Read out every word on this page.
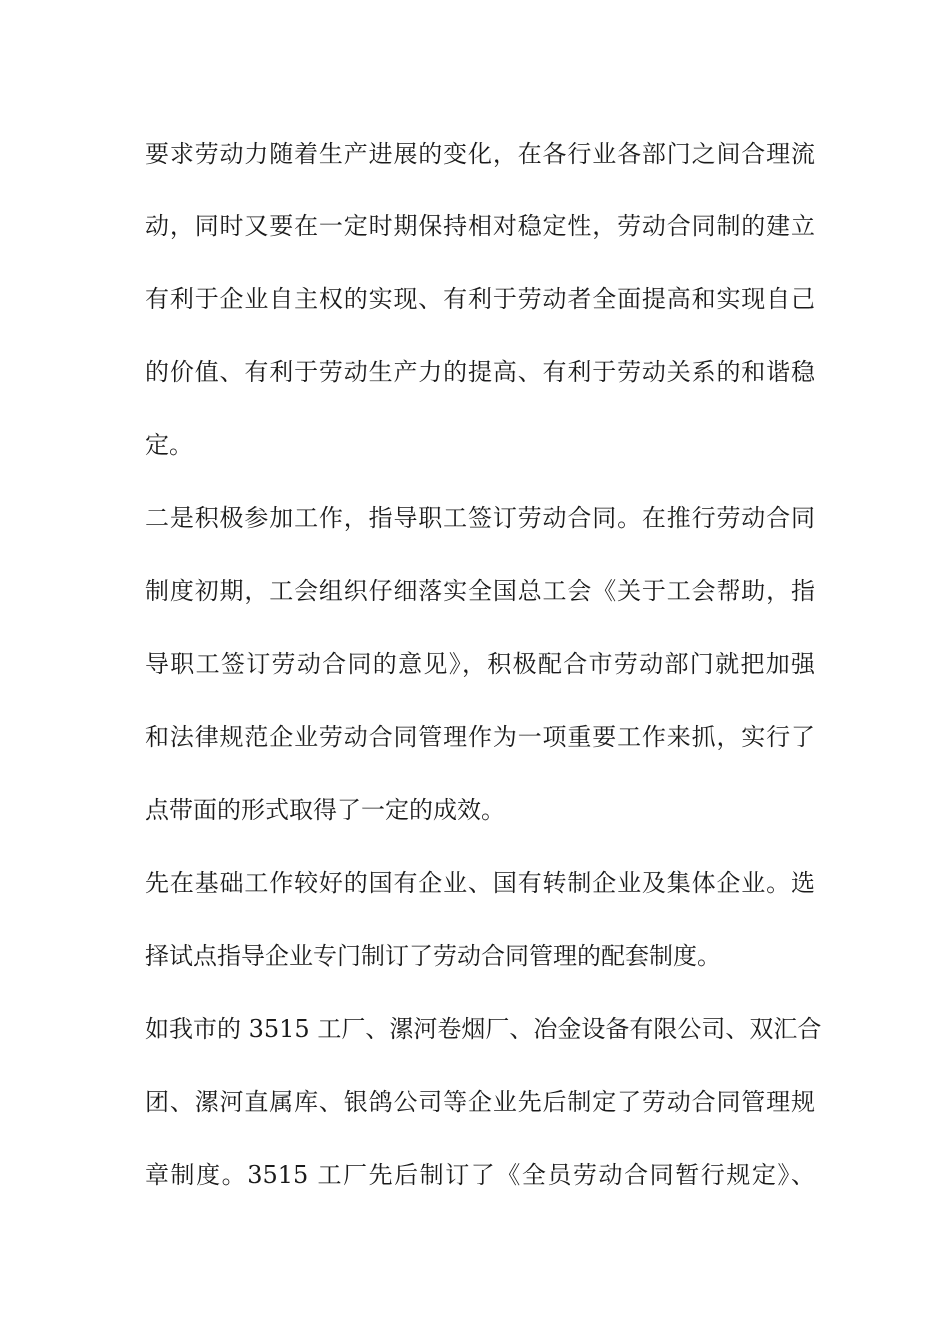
要求劳动力随着生产进展的变化，在各行业各部门之间合理流
动，同时又要在一定时期保持相对稳定性，劳动合同制的建立
有利于企业自主权的实现、有利于劳动者全面提高和实现自己
的价值、有利于劳动生产力的提高、有利于劳动关系的和谐稳
定。
二是积极参加工作，指导职工签订劳动合同。在推行劳动合同
制度初期，工会组织仔细落实全国总工会《关于工会帮助，指
导职工签订劳动合同的意见》，积极配合市劳动部门就把加强
和法律规范企业劳动合同管理作为一项重要工作来抓，实行了
点带面的形式取得了一定的成效。
先在基础工作较好的国有企业、国有转制企业及集体企业。选
择试点指导企业专门制订了劳动合同管理的配套制度。
如我市的 3515 工厂、漯河卷烟厂、冶金设备有限公司、双汇合
团、漯河直属库、银鸽公司等企业先后制定了劳动合同管理规
章制度。3515 工厂先后制订了《全员劳动合同暂行规定》、
